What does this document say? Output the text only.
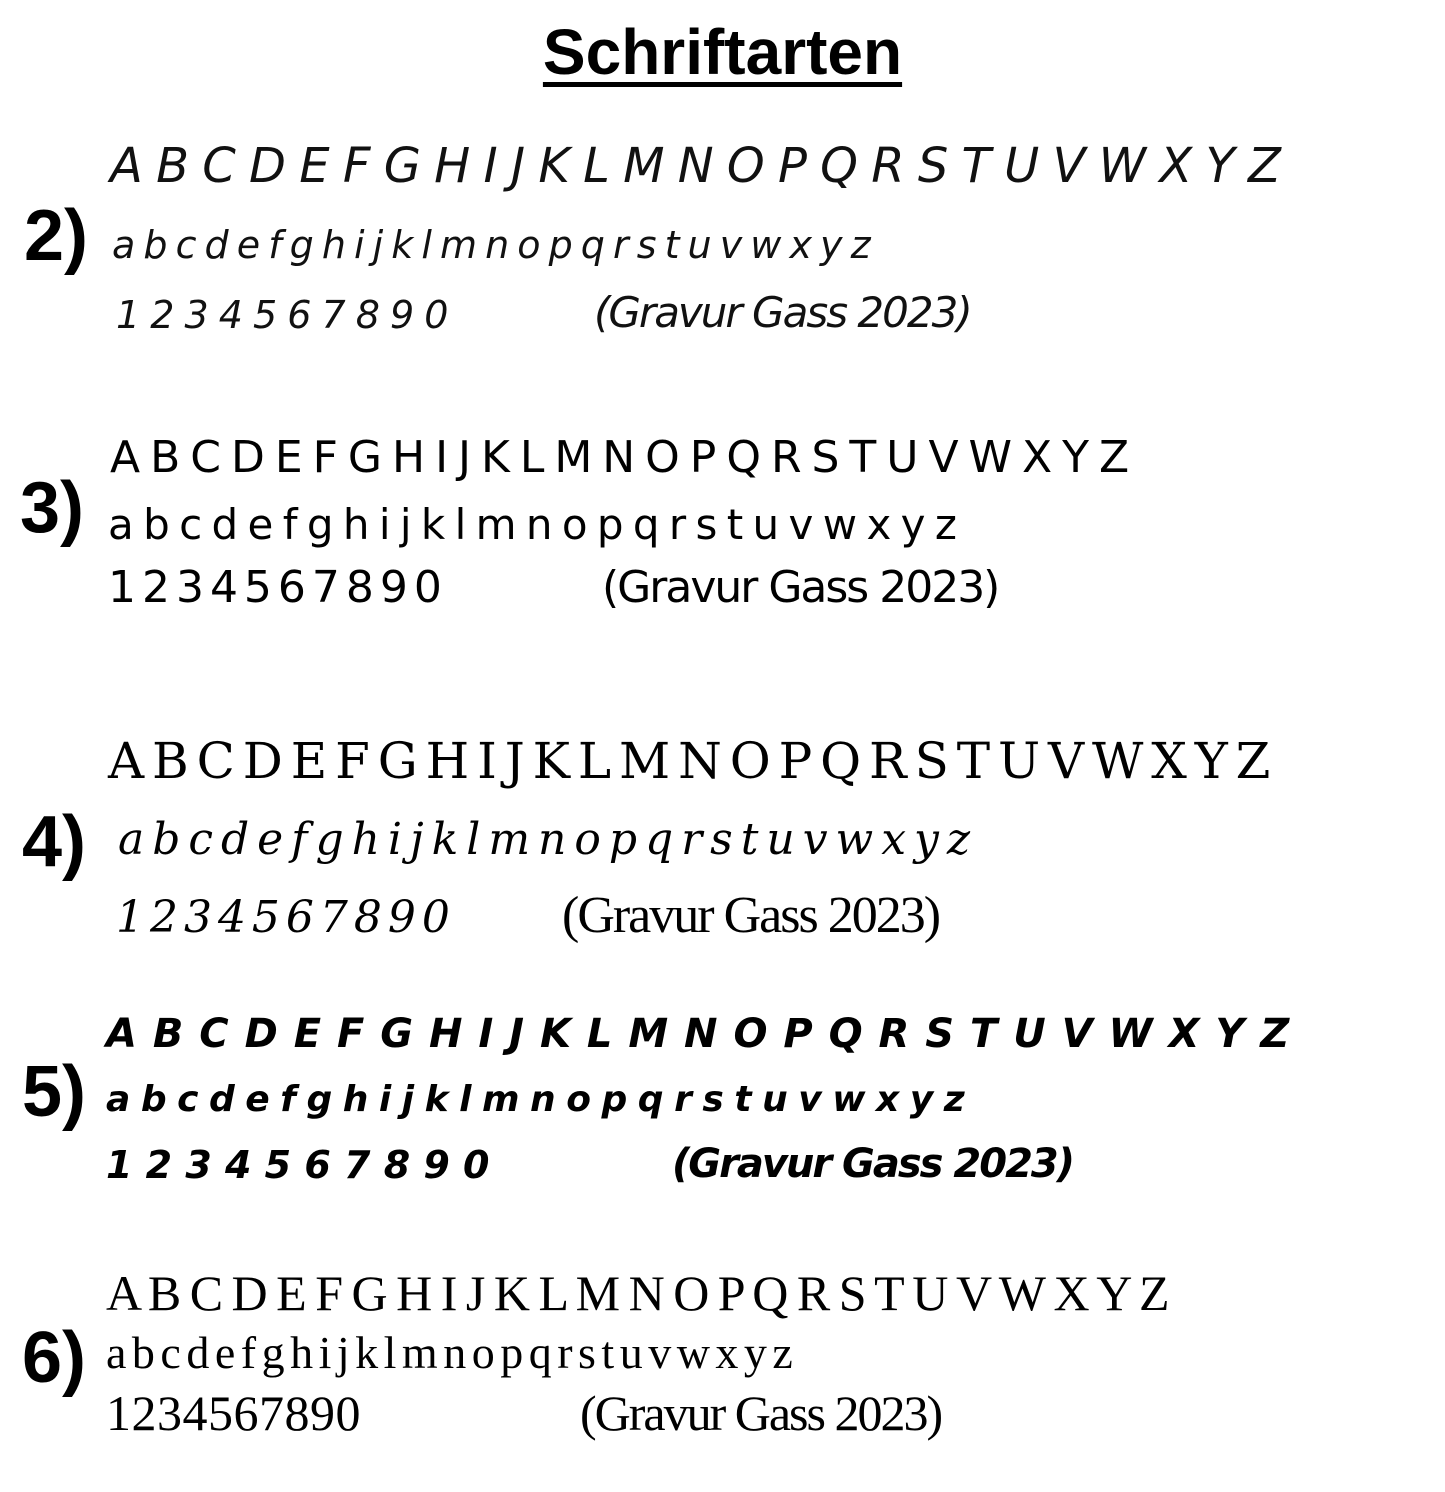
Schriftarten
2)
A B C D E F G H I J K L M N O P Q R S T U V W X Y Z
a b c d e f g h i j k l m n o p q r s t u v w x y z
1 2 3 4 5 6 7 8 9 0	(Gravur Gass 2023)
3)
A B C D E F G H I J K L M N O P Q R S T U V W X Y Z
a b c d e f g h i j k l m n o p q r s t u v w x y z
1 2 3 4 5 6 7 8 9 0	(Gravur Gass 2023)
4)
A B C D E F G H I J K L M N O P Q R S T U V W X Y Z
a b c d e f g h i j k l m n o p q r s t u v w x y z
1 2 3 4 5 6 7 8 9 0 (Gravur Gass 2023)
5)
A B C D E F G H I J K L M N O P Q R S T U V W X Y Z
a b c d e f g h i j k l m n o p q r s t u v w x y z
1 2 3 4 5 6 7 8 9 0	(Gravur Gass 2023)
6)
A B C D E F G H I J K L M N O P Q R S T U V W X Y Z
a b c d e f g h i j k l m n o p q r s t u v w x y z
1 2 3 4 5 6 7 8 9 0	(Gravur Gass 2023)
